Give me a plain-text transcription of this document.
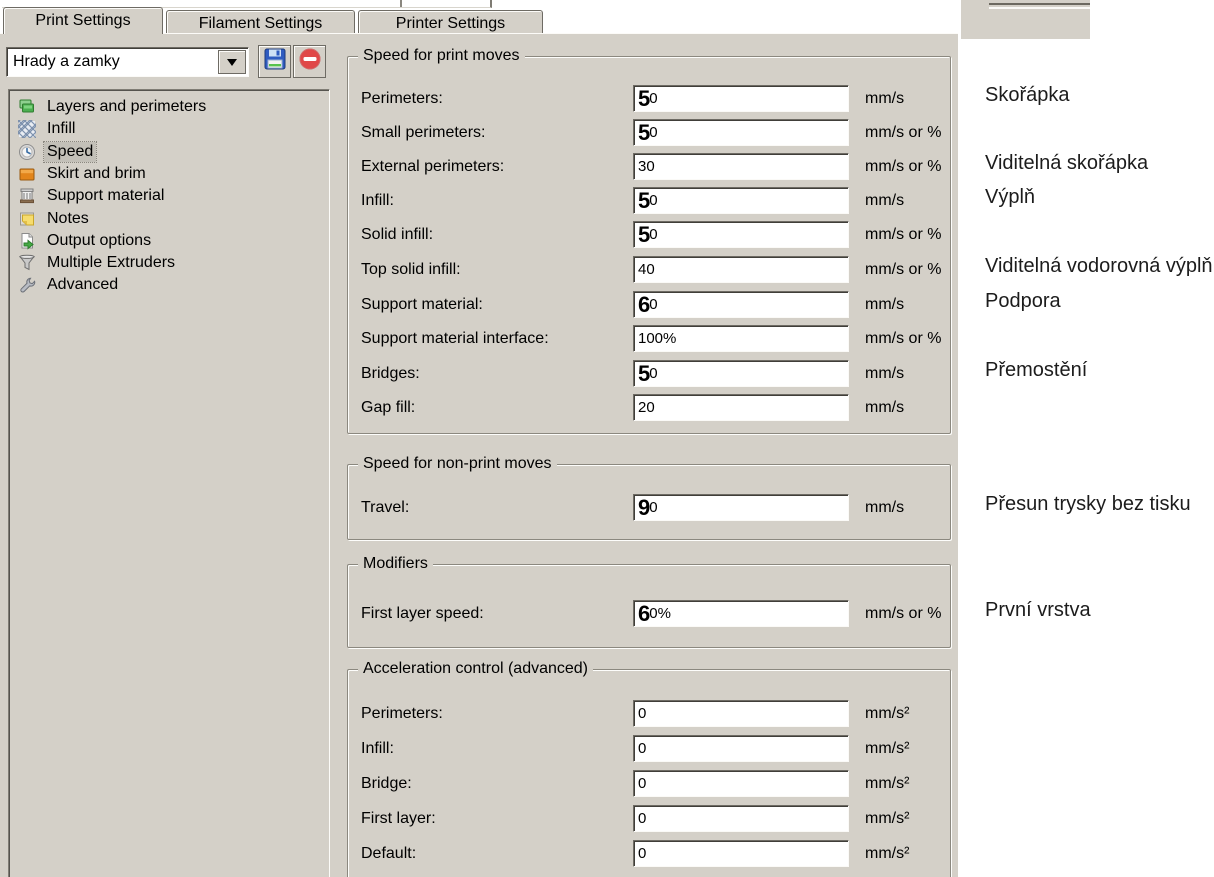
Print Settings	Filament Settings	Printer Settings
Hrady a zamky
Layers and perimeters
Infill
Speed
Skirt and brim
Support material
Notes
Output options
Multiple Extruders
Advanced
Speed for print moves
Perimeters:	5 0	mm/s
Small perimeters:	5 0	mm/s or %
External perimeters:	30	mm/s or %
Infill:	5 0	mm/s
Solid infill:	5 0	mm/s or %
Top solid infill:	40	mm/s or %
Support material:	6 0	mm/s
Support material interface:	100%	mm/s or %
Bridges:	5 0	mm/s
Gap fill:	20	mm/s
Speed for non-print moves
Travel:	9 0	mm/s
Modifiers
First layer speed:	6 0%	mm/s or %
Acceleration control (advanced)
Perimeters:	0	mm/s²
Infill:	0	mm/s²
Bridge:	0	mm/s²
First layer:	0	mm/s²
Default:	0	mm/s²
Skořápka
Viditelná skořápka
Výplň
Viditelná vodorovná výplň
Podpora
Přemostění
Přesun trysky bez tisku
První vrstva
